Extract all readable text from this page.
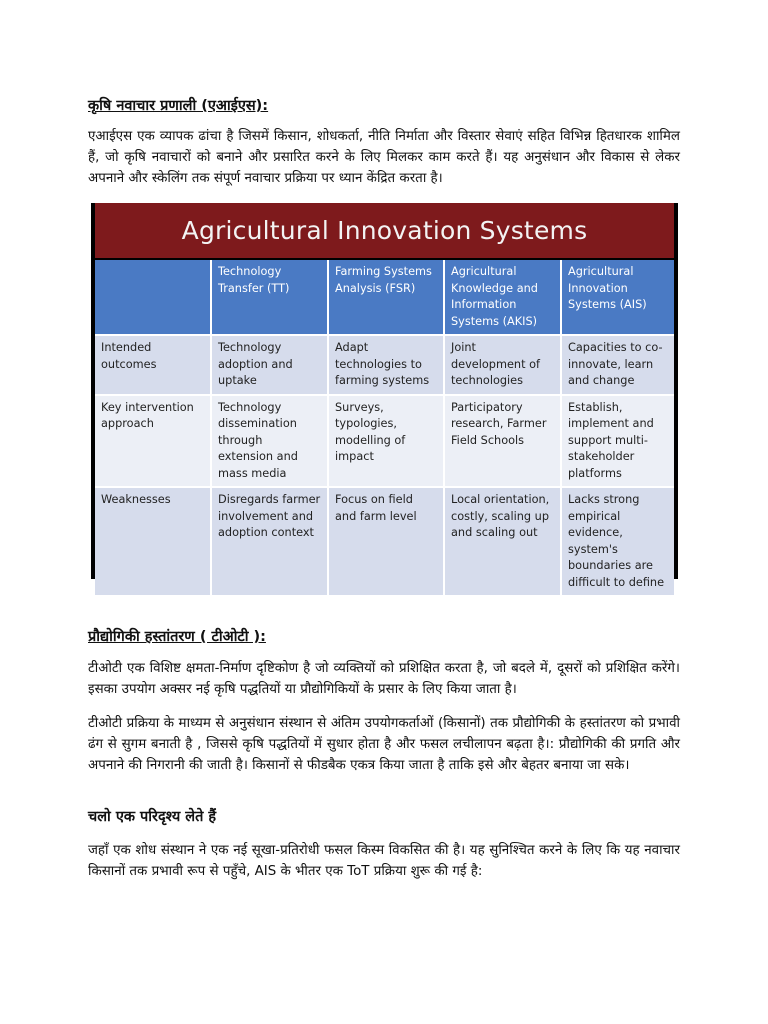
कृषि नवाचार प्रणाली (एआईएस):

एआईएस एक व्यापक ढांचा है जिसमें किसान, शोधकर्ता, नीति निर्माता और विस्तार सेवाएं सहित विभिन्न हितधारक शामिल हैं, जो कृषि नवाचारों को बनाने और प्रसारित करने के लिए मिलकर काम करते हैं। यह अनुसंधान और विकास से लेकर अपनाने और स्केलिंग तक संपूर्ण नवाचार प्रक्रिया पर ध्यान केंद्रित करता है।

Agricultural Innovation Systems
	Technology Transfer (TT)	Farming Systems Analysis (FSR)	Agricultural Knowledge and Information Systems (AKIS)	Agricultural Innovation Systems (AIS)
Intended outcomes	Technology adoption and uptake	Adapt technologies to farming systems	Joint development of technologies	Capacities to co-innovate, learn and change
Key intervention approach	Technology dissemination through extension and mass media	Surveys, typologies, modelling of impact	Participatory research, Farmer Field Schools	Establish, implement and support multi-stakeholder platforms
Weaknesses	Disregards farmer involvement and adoption context	Focus on field and farm level	Local orientation, costly, scaling up and scaling out	Lacks strong empirical evidence, system's boundaries are difficult to define
प्रौद्योगिकी हस्तांतरण ( टीओटी ):

टीओटी एक विशिष्ट क्षमता-निर्माण दृष्टिकोण है जो व्यक्तियों को प्रशिक्षित करता है, जो बदले में, दूसरों को प्रशिक्षित करेंगे। इसका उपयोग अक्सर नई कृषि पद्धतियों या प्रौद्योगिकियों के प्रसार के लिए किया जाता है।

टीओटी प्रक्रिया के माध्यम से अनुसंधान संस्थान से अंतिम उपयोगकर्ताओं (किसानों) तक प्रौद्योगिकी के हस्तांतरण को प्रभावी ढंग से सुगम बनाती है , जिससे कृषि पद्धतियों में सुधार होता है और फसल लचीलापन बढ़ता है।: प्रौद्योगिकी की प्रगति और अपनाने की निगरानी की जाती है। किसानों से फीडबैक एकत्र किया जाता है ताकि इसे और बेहतर बनाया जा सके।

चलो एक परिदृश्य लेते हैं

जहाँ एक शोध संस्थान ने एक नई सूखा-प्रतिरोधी फसल किस्म विकसित की है। यह सुनिश्चित करने के लिए कि यह नवाचार किसानों तक प्रभावी रूप से पहुँचे, AIS के भीतर एक ToT प्रक्रिया शुरू की गई है:
